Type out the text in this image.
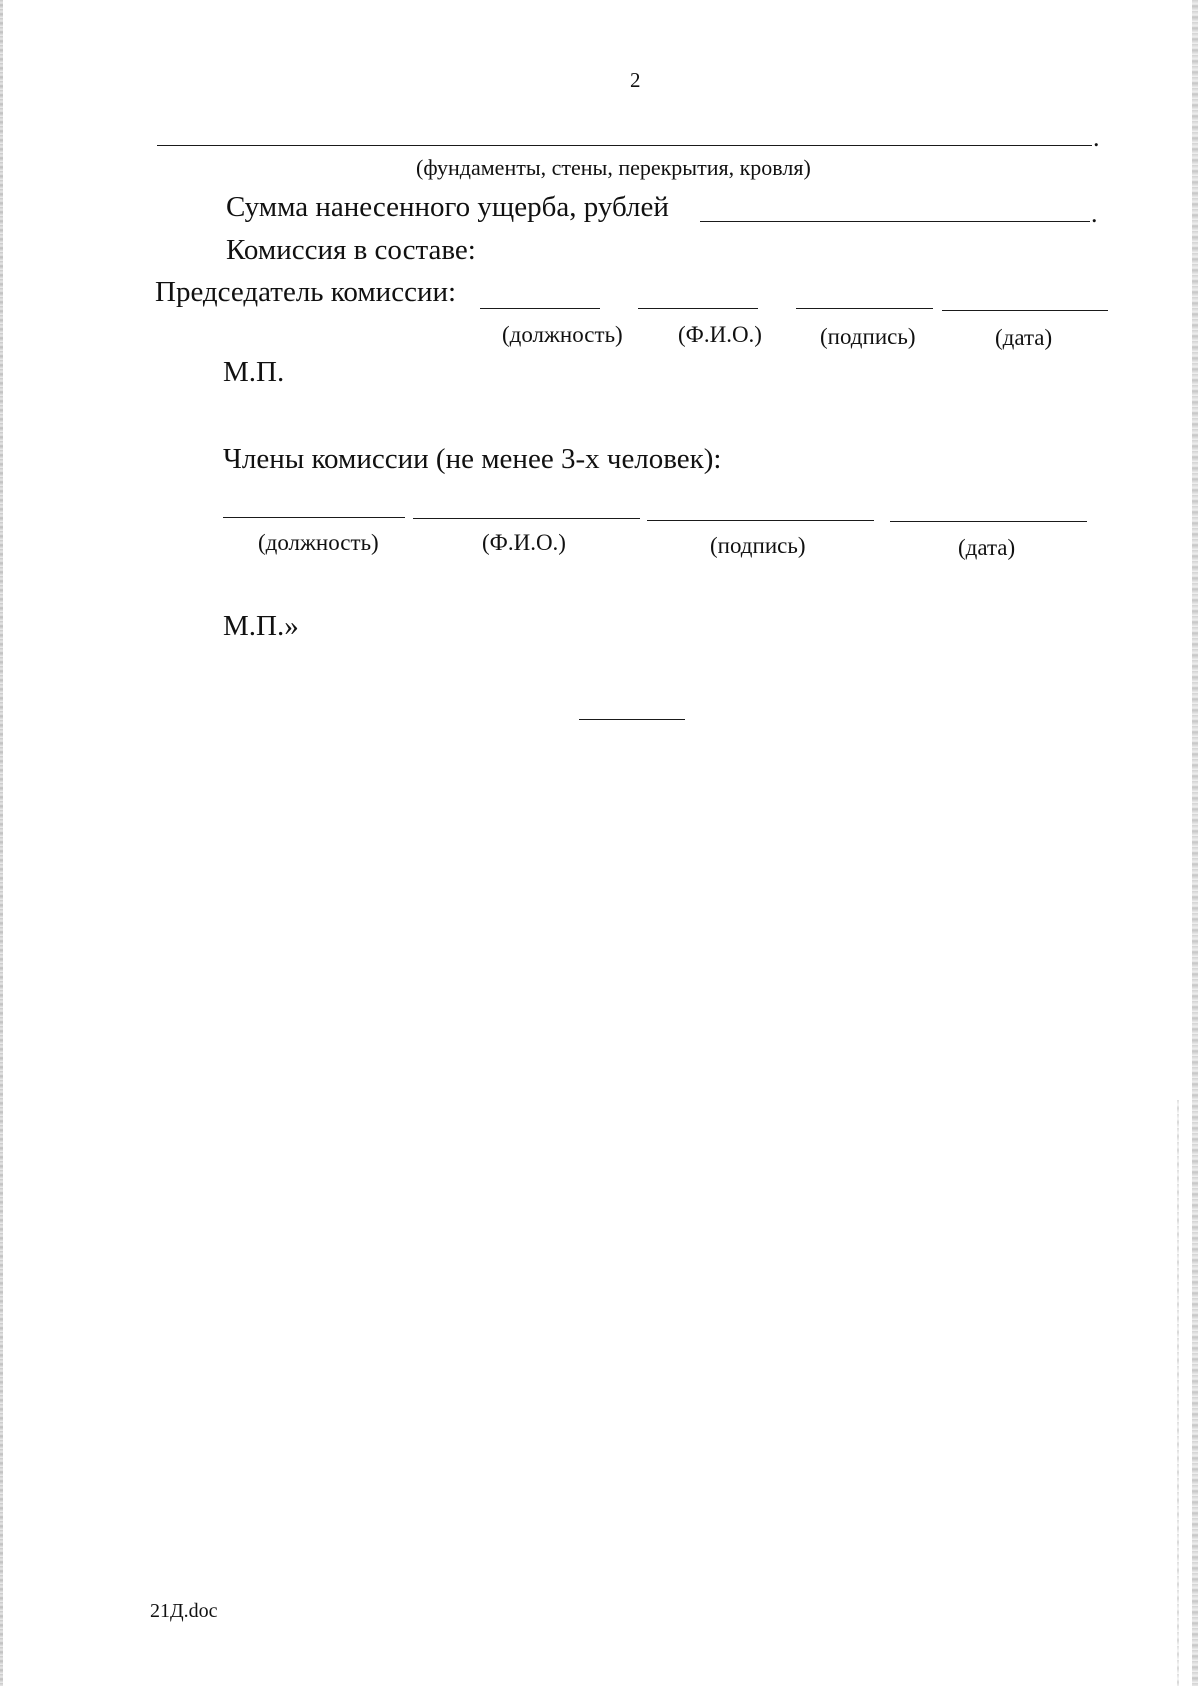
2
.
(фундаменты, стены, перекрытия, кровля)
Сумма нанесенного ущерба, рублей	.
Комиссия в составе:
Председатель комиссии:
(должность) (Ф.И.О.)	(подпись)	(дата)
М.П.
Члены комиссии (не менее 3-х человек):
(должность)	(Ф.И.О.)	(подпись)	(дата)
М.П.»
21Д.doc
